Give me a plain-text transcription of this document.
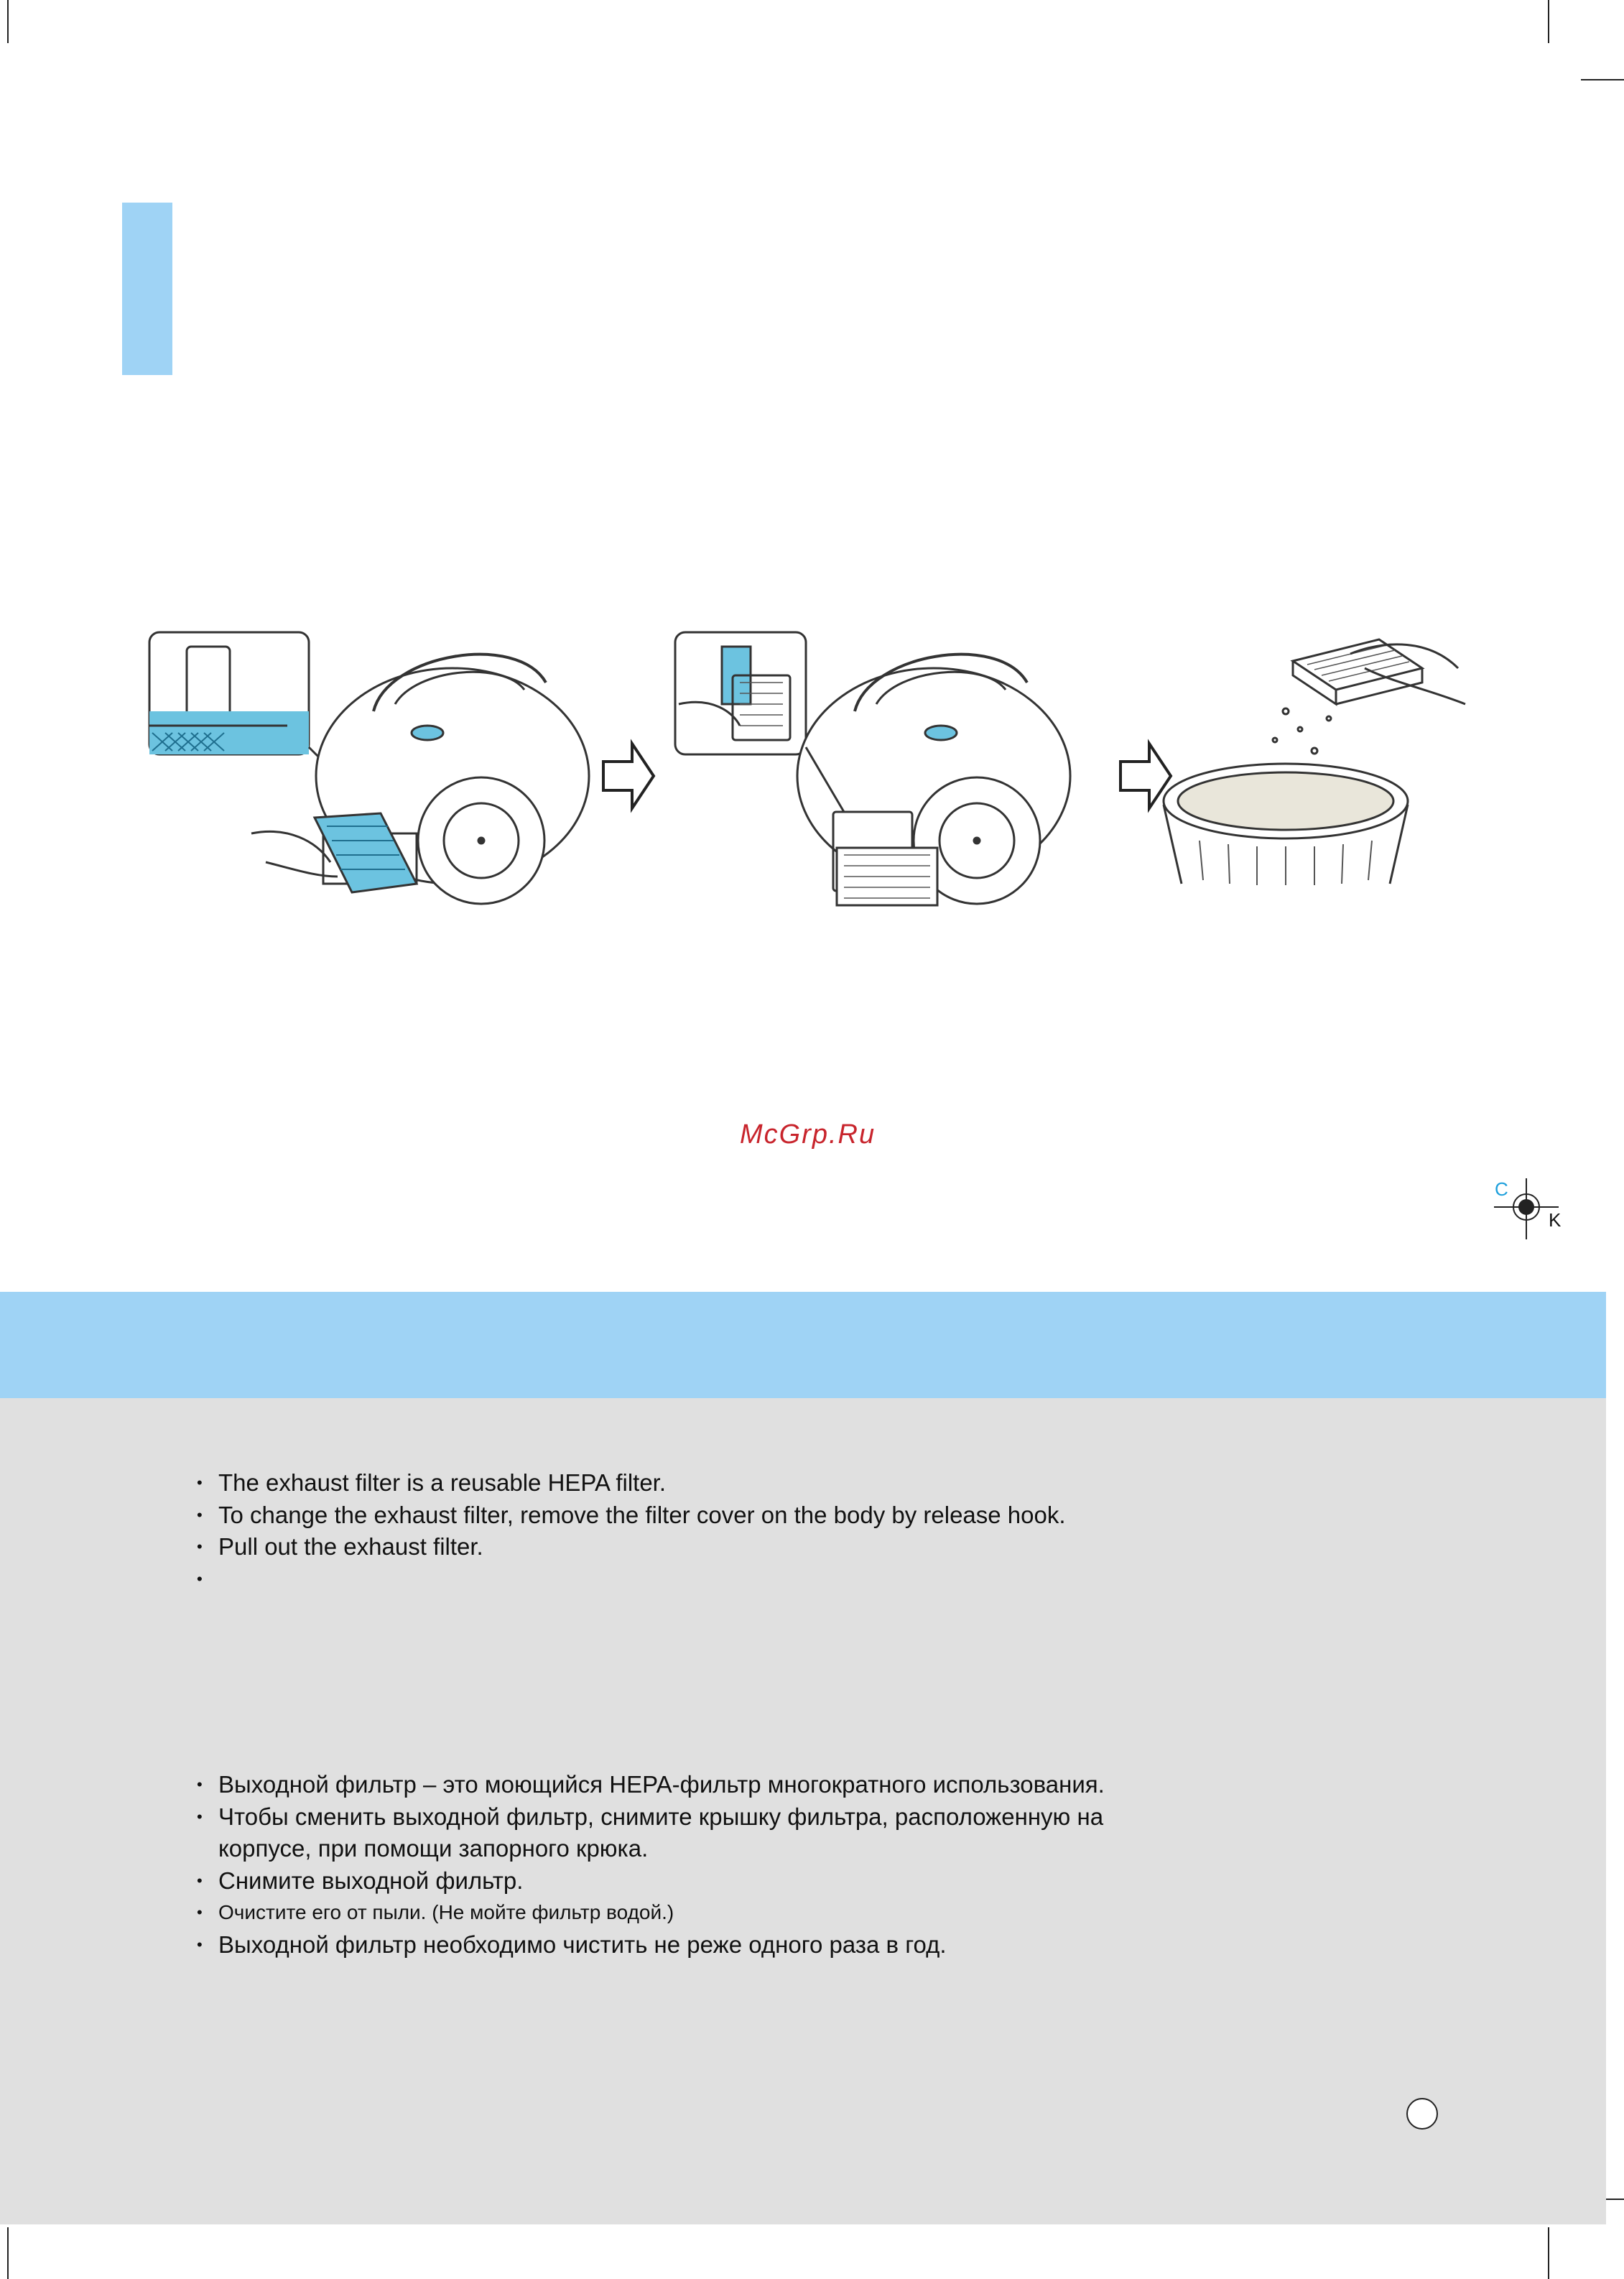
McGrp.Ru
C
K
• The exhaust filter is a reusable HEPA filter.
• To change the exhaust filter, remove the filter cover on the body by release hook.
• Pull out the exhaust filter.
• Выходной фильтр – это моющийся HEPA-фильтр многократного использования.
• Чтобы сменить выходной фильтр, снимите крышку фильтра, расположенную на
корпусе, при помощи запорного крюка.
• Снимите выходной фильтр.
• Очистите его от пыли. (Не мойте фильтр водой.)
• Выходной фильтр необходимо чистить не реже одного раза в год.
